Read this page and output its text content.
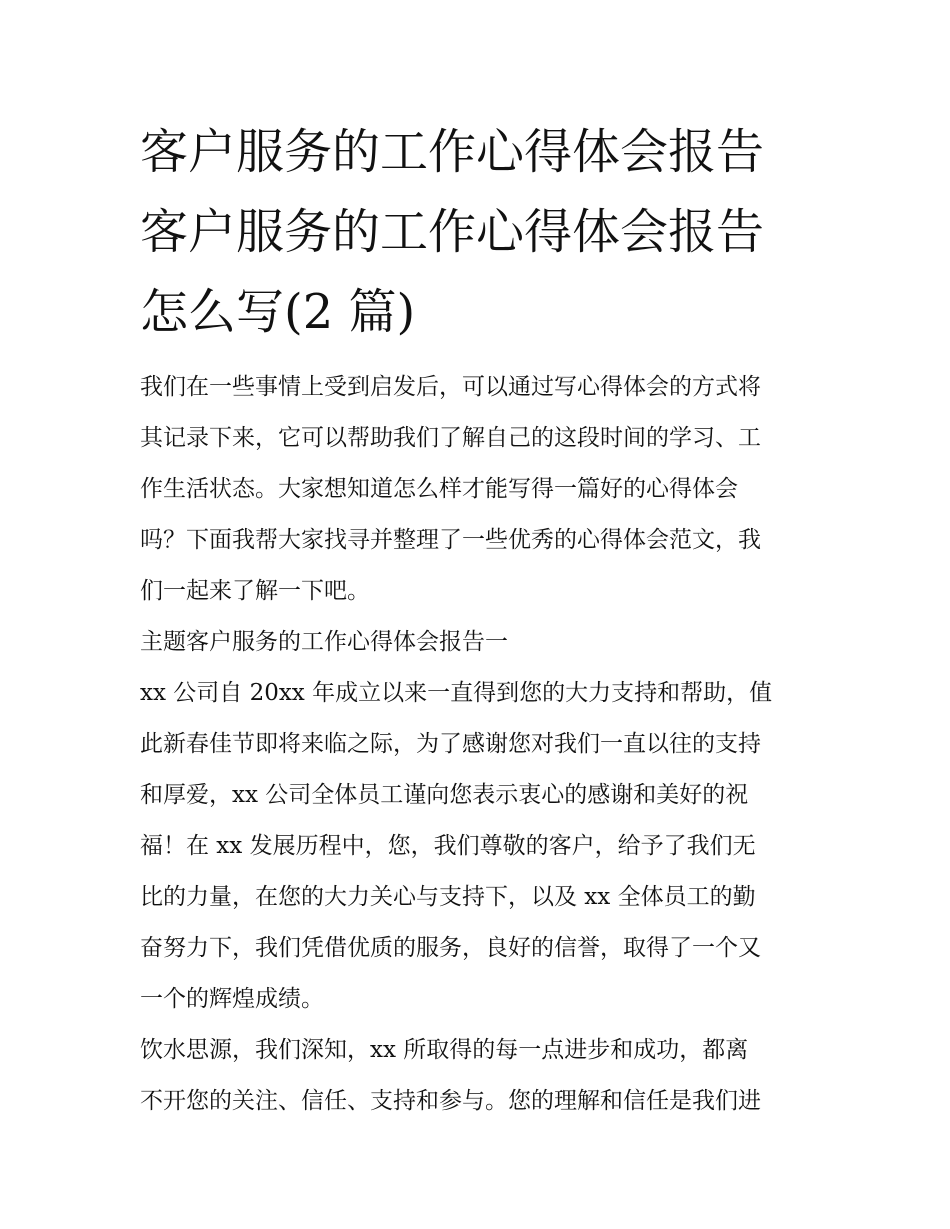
客户服务的工作心得体会报告
客户服务的工作心得体会报告
怎么写(2 篇)

我们在一些事情上受到启发后，可以通过写心得体会的方式将
其记录下来，它可以帮助我们了解自己的这段时间的学习、工
作生活状态。大家想知道怎么样才能写得一篇好的心得体会
吗？下面我帮大家找寻并整理了一些优秀的心得体会范文，我
们一起来了解一下吧。

主题客户服务的工作心得体会报告一

xx 公司自 20xx 年成立以来一直得到您的大力支持和帮助，值
此新春佳节即将来临之际，为了感谢您对我们一直以往的支持
和厚爱，xx 公司全体员工谨向您表示衷心的感谢和美好的祝
福！在 xx 发展历程中，您，我们尊敬的客户，给予了我们无
比的力量，在您的大力关心与支持下，以及 xx 全体员工的勤
奋努力下，我们凭借优质的服务，良好的信誉，取得了一个又
一个的辉煌成绩。

饮水思源，我们深知，xx 所取得的每一点进步和成功，都离
不开您的关注、信任、支持和参与。您的理解和信任是我们进
